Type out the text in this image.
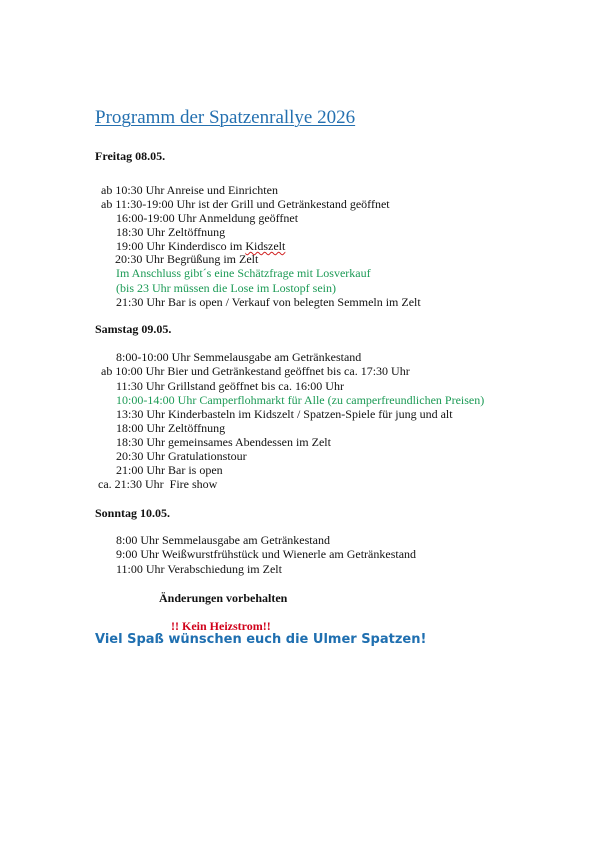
Programm der Spatzenrallye 2026
Freitag 08.05.
ab 10:30 Uhr Anreise und Einrichten
ab 11:30-19:00 Uhr ist der Grill und Getränkestand geöffnet
16:00-19:00 Uhr Anmeldung geöffnet
18:30 Uhr Zeltöffnung
19:00 Uhr Kinderdisco im Kidszelt
20:30 Uhr Begrüßung im Zelt
Im Anschluss gibt´s eine Schätzfrage mit Losverkauf
(bis 23 Uhr müssen die Lose im Lostopf sein)
21:30 Uhr Bar is open / Verkauf von belegten Semmeln im Zelt
Samstag 09.05.
8:00-10:00 Uhr Semmelausgabe am Getränkestand
ab 10:00 Uhr Bier und Getränkestand geöffnet bis ca. 17:30 Uhr
11:30 Uhr Grillstand geöffnet bis ca. 16:00 Uhr
10:00-14:00 Uhr Camperflohmarkt für Alle (zu camperfreundlichen Preisen)
13:30 Uhr Kinderbasteln im Kidszelt / Spatzen-Spiele für jung und alt
18:00 Uhr Zeltöffnung
18:30 Uhr gemeinsames Abendessen im Zelt
20:30 Uhr Gratulationstour
21:00 Uhr Bar is open
ca. 21:30 Uhr  Fire show
Sonntag 10.05.
8:00 Uhr Semmelausgabe am Getränkestand
9:00 Uhr Weißwurstfrühstück und Wienerle am Getränkestand
11:00 Uhr Verabschiedung im Zelt
Änderungen vorbehalten
!! Kein Heizstrom!!
Viel Spaß wünschen euch die Ulmer Spatzen!
